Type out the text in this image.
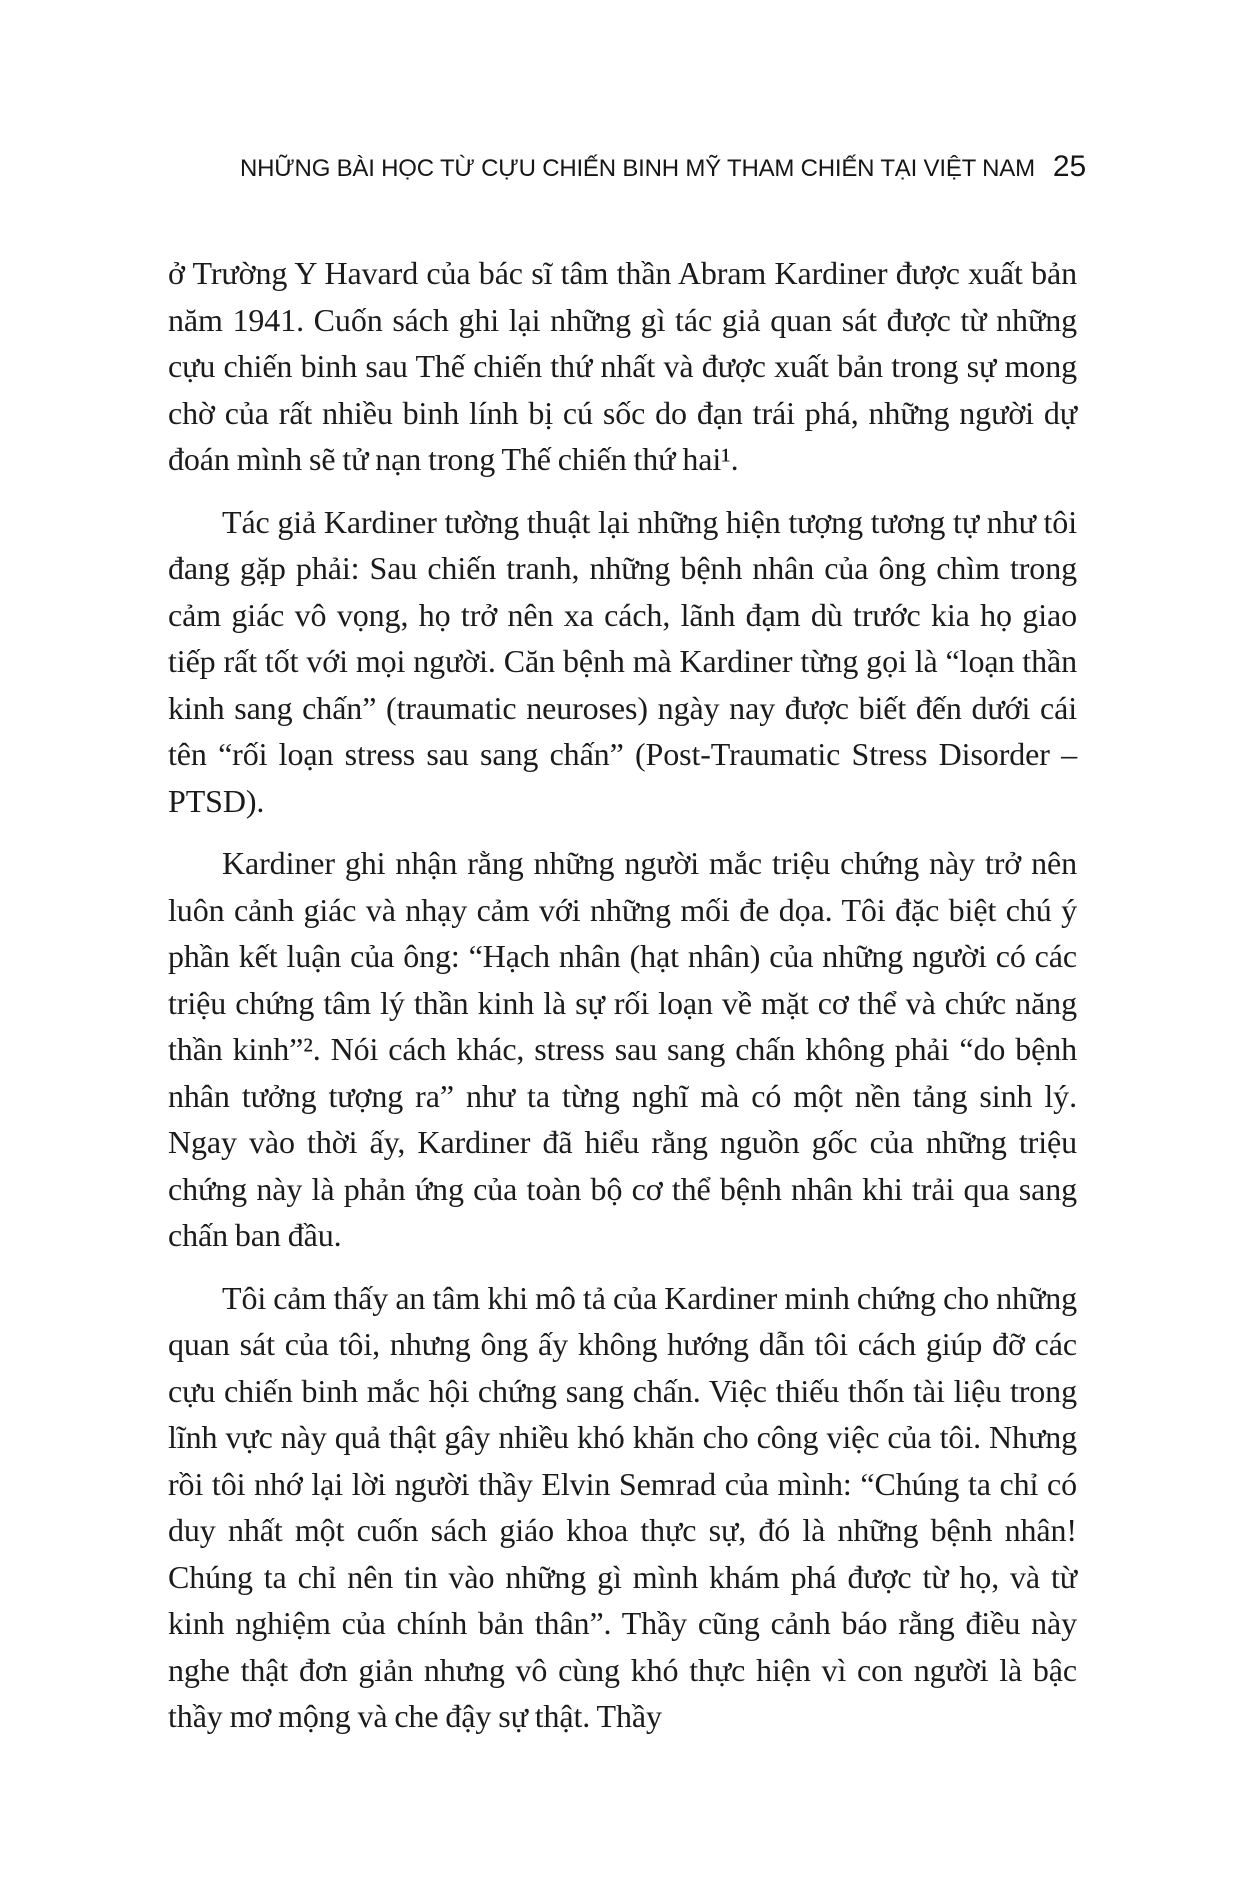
NHỮNG BÀI HỌC TỪ CỰU CHIẾN BINH MỸ THAM CHIẾN TẠI VIỆT NAM 25

ở Trường Y Havard của bác sĩ tâm thần Abram Kardiner được xuất bản năm 1941. Cuốn sách ghi lại những gì tác giả quan sát được từ những cựu chiến binh sau Thế chiến thứ nhất và được xuất bản trong sự mong chờ của rất nhiều binh lính bị cú sốc do đạn trái phá, những người dự đoán mình sẽ tử nạn trong Thế chiến thứ hai¹.

Tác giả Kardiner tường thuật lại những hiện tượng tương tự như tôi đang gặp phải: Sau chiến tranh, những bệnh nhân của ông chìm trong cảm giác vô vọng, họ trở nên xa cách, lãnh đạm dù trước kia họ giao tiếp rất tốt với mọi người. Căn bệnh mà Kardiner từng gọi là “loạn thần kinh sang chấn” (traumatic neuroses) ngày nay được biết đến dưới cái tên “rối loạn stress sau sang chấn” (Post-Traumatic Stress Disorder – PTSD).

Kardiner ghi nhận rằng những người mắc triệu chứng này trở nên luôn cảnh giác và nhạy cảm với những mối đe dọa. Tôi đặc biệt chú ý phần kết luận của ông: “Hạch nhân (hạt nhân) của những người có các triệu chứng tâm lý thần kinh là sự rối loạn về mặt cơ thể và chức năng thần kinh”². Nói cách khác, stress sau sang chấn không phải “do bệnh nhân tưởng tượng ra” như ta từng nghĩ mà có một nền tảng sinh lý. Ngay vào thời ấy, Kardiner đã hiểu rằng nguồn gốc của những triệu chứng này là phản ứng của toàn bộ cơ thể bệnh nhân khi trải qua sang chấn ban đầu.

Tôi cảm thấy an tâm khi mô tả của Kardiner minh chứng cho những quan sát của tôi, nhưng ông ấy không hướng dẫn tôi cách giúp đỡ các cựu chiến binh mắc hội chứng sang chấn. Việc thiếu thốn tài liệu trong lĩnh vực này quả thật gây nhiều khó khăn cho công việc của tôi. Nhưng rồi tôi nhớ lại lời người thầy Elvin Semrad của mình: “Chúng ta chỉ có duy nhất một cuốn sách giáo khoa thực sự, đó là những bệnh nhân! Chúng ta chỉ nên tin vào những gì mình khám phá được từ họ, và từ kinh nghiệm của chính bản thân”. Thầy cũng cảnh báo rằng điều này nghe thật đơn giản nhưng vô cùng khó thực hiện vì con người là bậc thầy mơ mộng và che đậy sự thật. Thầy
